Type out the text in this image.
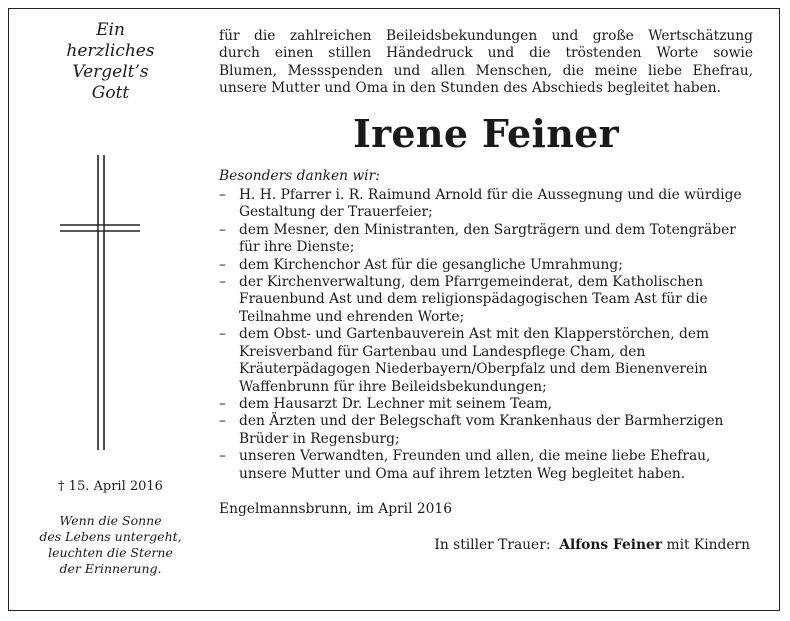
Ein
herzliches
Vergelt’s
Gott
† 15. April 2016
Wenn die Sonne
des Lebens untergeht,
leuchten die Sterne
der Erinnerung.

für die zahlreichen Beileidsbekundungen und große Wertschätzung
durch einen stillen Händedruck und die tröstenden Worte sowie
Blumen, Messspenden und allen Menschen, die meine liebe Ehefrau,
unsere Mutter und Oma in den Stunden des Abschieds begleitet haben.

Irene Feiner

Besonders danken wir:

– H. H. Pfarrer i. R. Raimund Arnold für die Aussegnung und die würdige Gestaltung der Trauerfeier;
– dem Mesner, den Ministranten, den Sargträgern und dem Totengräber für ihre Dienste;
– dem Kirchenchor Ast für die gesangliche Umrahmung;
– der Kirchenverwaltung, dem Pfarrgemeinderat, dem Katholischen Frauenbund Ast und dem religionspädagogischen Team Ast für die Teilnahme und ehrenden Worte;
– dem Obst- und Gartenbauverein Ast mit den Klapperstörchen, dem Kreisverband für Gartenbau und Landespflege Cham, den Kräuterpädagogen Niederbayern/Oberpfalz und dem Bienenverein Waffenbrunn für ihre Beileidsbekundungen;
– dem Hausarzt Dr. Lechner mit seinem Team,
– den Ärzten und der Belegschaft vom Krankenhaus der Barmherzigen Brüder in Regensburg;
– unseren Verwandten, Freunden und allen, die meine liebe Ehefrau, unsere Mutter und Oma auf ihrem letzten Weg begleitet haben.
Engelmannsbrunn, im April 2016
In stiller Trauer: Alfons Feiner mit Kindern
